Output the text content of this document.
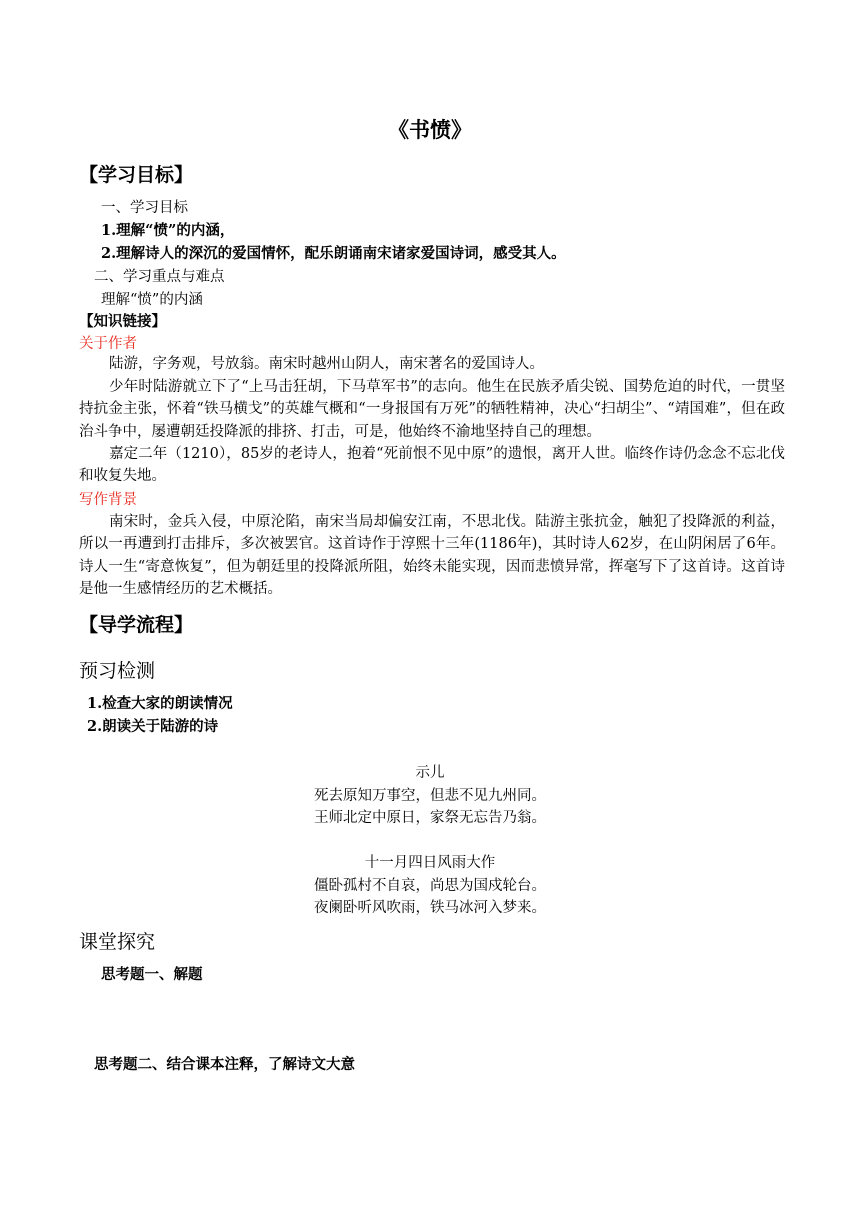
《书愤》
【学习目标】
一、学习目标
1.理解“愤”的内涵，
2.理解诗人的深沉的爱国情怀，配乐朗诵南宋诸家爱国诗词，感受其人。
二、学习重点与难点
理解“愤”的内涵
【知识链接】
关于作者
陆游，字务观，号放翁。南宋时越州山阴人，南宋著名的爱国诗人。
少年时陆游就立下了“上马击狂胡，下马草军书”的志向。他生在民族矛盾尖锐、国势危迫的时代，一贯坚持抗金主张，怀着“铁马横戈”的英雄气概和“一身报国有万死”的牺牲精神，决心“扫胡尘”、“靖国难”，但在政治斗争中，屡遭朝廷投降派的排挤、打击，可是，他始终不渝地坚持自己的理想。
嘉定二年（1210），85岁的老诗人，抱着“死前恨不见中原”的遗恨，离开人世。临终作诗仍念念不忘北伐和收复失地。
写作背景
南宋时，金兵入侵，中原沦陷，南宋当局却偏安江南，不思北伐。陆游主张抗金，触犯了投降派的利益，所以一再遭到打击排斥，多次被罢官。这首诗作于淳熙十三年(1186年)，其时诗人62岁，在山阴闲居了6年。诗人一生“寄意恢复”，但为朝廷里的投降派所阻，始终未能实现，因而悲愤异常，挥毫写下了这首诗。这首诗是他一生感情经历的艺术概括。
【导学流程】
预习检测
1.检查大家的朗读情况
2.朗读关于陆游的诗
示儿
死去原知万事空，但悲不见九州同。
王师北定中原日，家祭无忘告乃翁。
十一月四日风雨大作
僵卧孤村不自哀，尚思为国戍轮台。
夜阑卧听风吹雨，铁马冰河入梦来。
课堂探究
思考题一、解题
思考题二、结合课本注释，了解诗文大意
